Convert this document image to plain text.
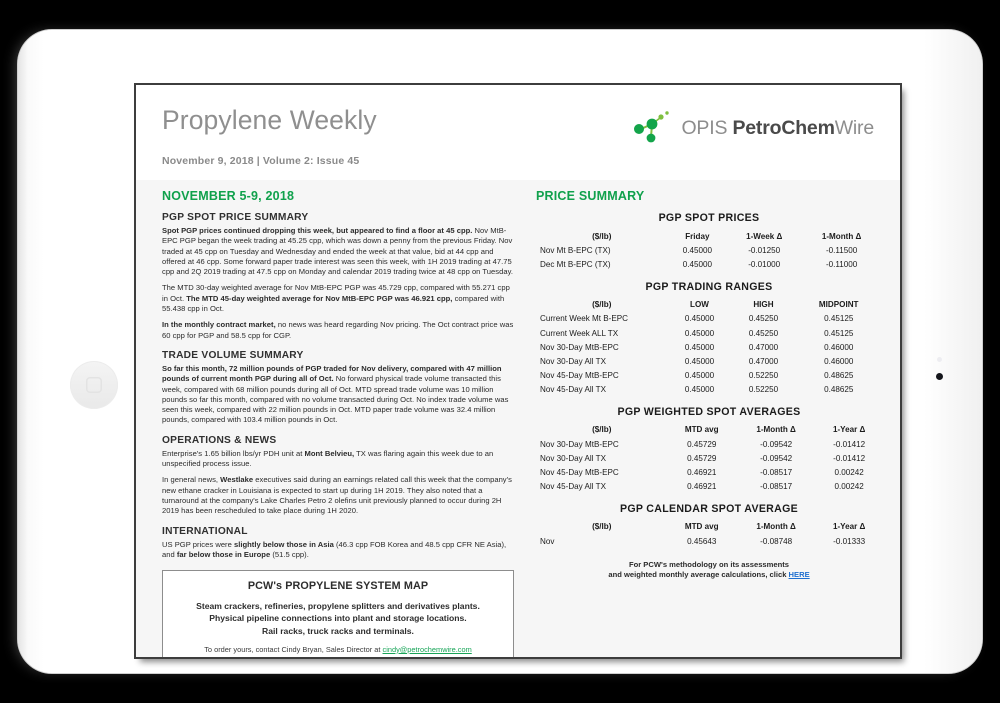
Propylene Weekly
November 9, 2018 | Volume 2: Issue 45
OPIS PetroChemWire
NOVEMBER 5-9, 2018
PGP SPOT PRICE SUMMARY

Spot PGP prices continued dropping this week, but appeared to find a floor at 45 cpp. Nov MtB-EPC PGP began the week trading at 45.25 cpp, which was down a penny from the previous Friday. Nov traded at 45 cpp on Tuesday and Wednesday and ended the week at that value, bid at 44 cpp and offered at 46 cpp. Some forward paper trade interest was seen this week, with 1H 2019 trading at 47.75 cpp and 2Q 2019 trading at 47.5 cpp on Monday and calendar 2019 trading twice at 48 cpp on Tuesday.

The MTD 30-day weighted average for Nov MtB-EPC PGP was 45.729 cpp, compared with 55.271 cpp in Oct. The MTD 45-day weighted average for Nov MtB-EPC PGP was 46.921 cpp, compared with 55.438 cpp in Oct.

In the monthly contract market, no news was heard regarding Nov pricing. The Oct contract price was 60 cpp for PGP and 58.5 cpp for CGP.

TRADE VOLUME SUMMARY

So far this month, 72 million pounds of PGP traded for Nov delivery, compared with 47 million pounds of current month PGP during all of Oct. No forward physical trade volume transacted this week, compared with 68 million pounds during all of Oct. MTD spread trade volume was 10 million pounds so far this month, compared with no volume transacted during Oct. No index trade volume was seen this week, compared with 22 million pounds in Oct. MTD paper trade volume was 32.4 million pounds, compared with 103.4 million pounds in Oct.

OPERATIONS & NEWS

Enterprise's 1.65 billion lbs/yr PDH unit at Mont Belvieu, TX was flaring again this week due to an unspecified process issue.

In general news, Westlake executives said during an earnings related call this week that the company's new ethane cracker in Louisiana is expected to start up during 1H 2019. They also noted that a turnaround at the company's Lake Charles Petro 2 olefins unit previously planned to occur during 2H 2019 has been rescheduled to take place during 1H 2020.

INTERNATIONAL

US PGP prices were slightly below those in Asia (46.3 cpp FOB Korea and 48.5 cpp CFR NE Asia), and far below those in Europe (51.5 cpp).

PCW's PROPYLENE SYSTEM MAP
Steam crackers, refineries, propylene splitters and derivatives plants.
Physical pipeline connections into plant and storage locations.
Rail racks, truck racks and terminals.
To order yours, contact Cindy Bryan, Sales Director at cindy@petrochemwire.com
PRICE SUMMARY
PGP SPOT PRICES
($/lb)	Friday	1-Week Δ	1-Month Δ
Nov Mt B-EPC (TX)	0.45000	-0.01250	-0.11500
Dec Mt B-EPC (TX)	0.45000	-0.01000	-0.11000
PGP TRADING RANGES
($/lb)	LOW	HIGH	MIDPOINT
Current Week Mt B-EPC	0.45000	0.45250	0.45125
Current Week ALL TX	0.45000	0.45250	0.45125
Nov 30-Day MtB-EPC	0.45000	0.47000	0.46000
Nov 30-Day All TX	0.45000	0.47000	0.46000
Nov 45-Day MtB-EPC	0.45000	0.52250	0.48625
Nov 45-Day All TX	0.45000	0.52250	0.48625
PGP WEIGHTED SPOT AVERAGES
($/lb)	MTD avg	1-Month Δ	1-Year Δ
Nov 30-Day MtB-EPC	0.45729	-0.09542	-0.01412
Nov 30-Day All TX	0.45729	-0.09542	-0.01412
Nov 45-Day MtB-EPC	0.46921	-0.08517	0.00242
Nov 45-Day All TX	0.46921	-0.08517	0.00242
PGP CALENDAR SPOT AVERAGE
($/lb)	MTD avg	1-Month Δ	1-Year Δ
Nov	0.45643	-0.08748	-0.01333
For PCW's methodology on its assessments
and weighted monthly average calculations, click HERE
